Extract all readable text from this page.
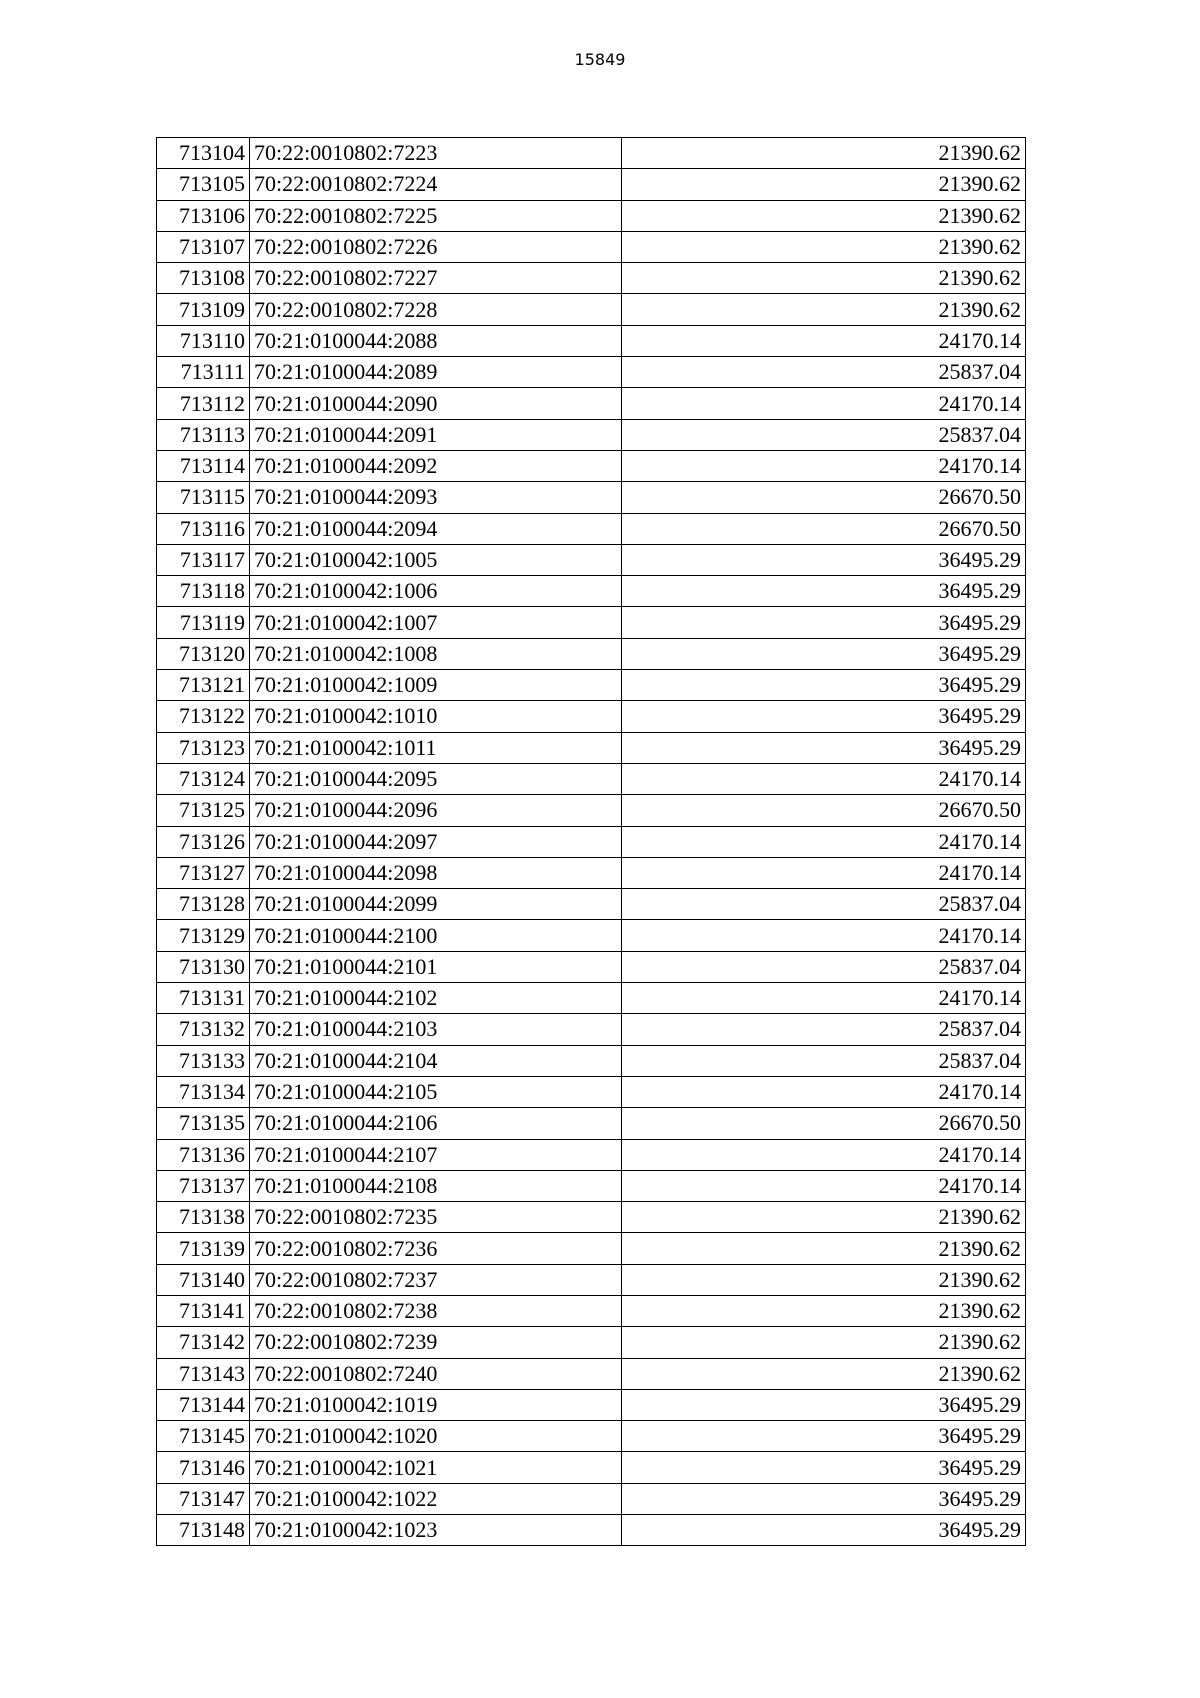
15849
713104	70:22:0010802:7223	21390.62
713105	70:22:0010802:7224	21390.62
713106	70:22:0010802:7225	21390.62
713107	70:22:0010802:7226	21390.62
713108	70:22:0010802:7227	21390.62
713109	70:22:0010802:7228	21390.62
713110	70:21:0100044:2088	24170.14
713111	70:21:0100044:2089	25837.04
713112	70:21:0100044:2090	24170.14
713113	70:21:0100044:2091	25837.04
713114	70:21:0100044:2092	24170.14
713115	70:21:0100044:2093	26670.50
713116	70:21:0100044:2094	26670.50
713117	70:21:0100042:1005	36495.29
713118	70:21:0100042:1006	36495.29
713119	70:21:0100042:1007	36495.29
713120	70:21:0100042:1008	36495.29
713121	70:21:0100042:1009	36495.29
713122	70:21:0100042:1010	36495.29
713123	70:21:0100042:1011	36495.29
713124	70:21:0100044:2095	24170.14
713125	70:21:0100044:2096	26670.50
713126	70:21:0100044:2097	24170.14
713127	70:21:0100044:2098	24170.14
713128	70:21:0100044:2099	25837.04
713129	70:21:0100044:2100	24170.14
713130	70:21:0100044:2101	25837.04
713131	70:21:0100044:2102	24170.14
713132	70:21:0100044:2103	25837.04
713133	70:21:0100044:2104	25837.04
713134	70:21:0100044:2105	24170.14
713135	70:21:0100044:2106	26670.50
713136	70:21:0100044:2107	24170.14
713137	70:21:0100044:2108	24170.14
713138	70:22:0010802:7235	21390.62
713139	70:22:0010802:7236	21390.62
713140	70:22:0010802:7237	21390.62
713141	70:22:0010802:7238	21390.62
713142	70:22:0010802:7239	21390.62
713143	70:22:0010802:7240	21390.62
713144	70:21:0100042:1019	36495.29
713145	70:21:0100042:1020	36495.29
713146	70:21:0100042:1021	36495.29
713147	70:21:0100042:1022	36495.29
713148	70:21:0100042:1023	36495.29
